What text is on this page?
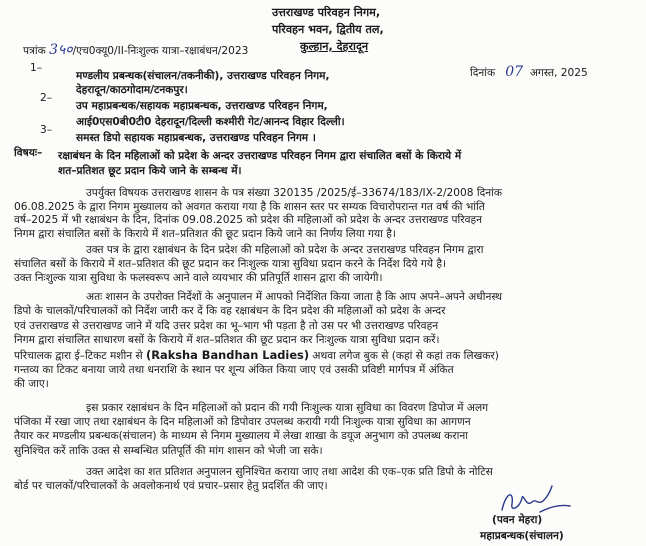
उत्तराखण्ड परिवहन निगम,
परिवहन भवन, द्वितीय तल,
कुल्हान, देहरादून
पत्रांक 3५०/एच0क्यू0/II-निःशुल्क यात्रा–रक्षाबंधन/2023
दिनांक 07 अगस्त, 2025
1–
मण्डलीय प्रबन्धक(संचालन/तकनीकी), उत्तराखण्ड परिवहन निगम,
देहरादून/काठगोदाम/टनकपुर।
2–
उप महाप्रबन्धक/सहायक महाप्रबन्धक, उत्तराखण्ड परिवहन निगम,
आई0एस0बी0टी0 देहरादून/दिल्ली कश्मीरी गेट/आनन्द विहार दिल्ली।
3–
समस्त डिपो सहायक महाप्रबन्धक, उत्तराखण्ड परिवहन निगम ।
विषयः– रक्षाबंधन के दिन महिलाओं को प्रदेश के अन्दर उत्तराखण्ड परिवहन निगम द्वारा संचालित बसों के किराये में
शत–प्रतिशत छूट प्रदान किये जाने के सम्बन्ध में।
उपर्युक्त विषयक उत्तराखण्ड शासन के पत्र संख्या 320135 /2025/ई–33674/183/IX-2/2008 दिनांक
06.08.2025 के द्वारा निगम मुख्यालय को अवगत कराया गया है कि शासन स्तर पर सम्यक विचारोपरान्त गत वर्ष की भांति
वर्ष–2025 में भी रक्षाबंधन के दिन, दिनांक 09.08.2025 को प्रदेश की महिलाओं को प्रदेश के अन्दर उत्तराखण्ड परिवहन
निगम द्वारा संचालित बसों के किराये में शत–प्रतिशत की छूट प्रदान किये जाने का निर्णय लिया गया है।
उक्त पत्र के द्वारा रक्षाबंधन के दिन प्रदेश की महिलाओं को प्रदेश के अन्दर उत्तराखण्ड परिवहन निगम द्वारा
संचालित बसों के किराये में शत–प्रतिशत की छूट प्रदान कर निःशुल्क यात्रा सुविधा प्रदान करने के निर्देश दिये गये है।
उक्त निःशुल्क यात्रा सुविधा के फलस्वरूप आने वाले व्ययभार की प्रतिपूर्ति शासन द्वारा की जायेगी।
अतः शासन के उपरोक्त निर्देशों के अनुपालन में आपको निर्देशित किया जाता है कि आप अपने–अपने अधीनस्थ
डिपो के चालकों/परिचालकों को निर्देश जारी कर दें कि वह रक्षाबंधन के दिन प्रदेश की महिलाओं को प्रदेश के अन्दर
एवं उत्तराखण्ड से उत्तराखण्ड जाने में यदि उत्तर प्रदेश का भू–भाग भी पड़ता है तो उस पर भी उत्तराखण्ड परिवहन
निगम द्वारा संचालित साधारण बसों के किराये में शत–प्रतिशत की छूट प्रदान कर निःशुल्क यात्रा सुविधा प्रदान करें।
परिचालक द्वारा ई–टिकट मशीन से (Raksha Bandhan Ladies) अथवा लगेज बुक से (कहां से कहां तक लिखकर)
गन्तव्य का टिकट बनाया जाये तथा धनराशि के स्थान पर शून्य अंकित किया जाए एवं उसकी प्रविष्टी मार्गपत्र में अंकित
की जाए।
इस प्रकार रक्षाबंधन के दिन महिलाओं को प्रदान की गयी निःशुल्क यात्रा सुविधा का विवरण डिपोज में अलग
पंजिका में रखा जाए तथा रक्षाबंधन के दिन महिलाओं को डिपोवार उपलब्ध करायी गयी निःशुल्क यात्रा सुविधा का आगणन
तैयार कर मण्डलीय प्रबन्धक(संचालन) के माध्यम से निगम मुख्यालय में लेखा शाखा के डयूज अनुभाग को उपलब्ध कराना
सुनिश्चित करें ताकि उक्त से सम्बन्धित प्रतिपूर्ति की मांग शासन को भेजी जा सके।
उक्त आदेश का शत प्रतिशत अनुपालन सुनिश्चित कराया जाए तथा आदेश की एक–एक प्रति डिपो के नोटिस
बोर्ड पर चालकों/परिचालकों के अवलोकनार्थ एवं प्रचार–प्रसार हेतु प्रदर्शित की जाए।
(पवन मेहरा)
महाप्रबन्धक(संचालन)
